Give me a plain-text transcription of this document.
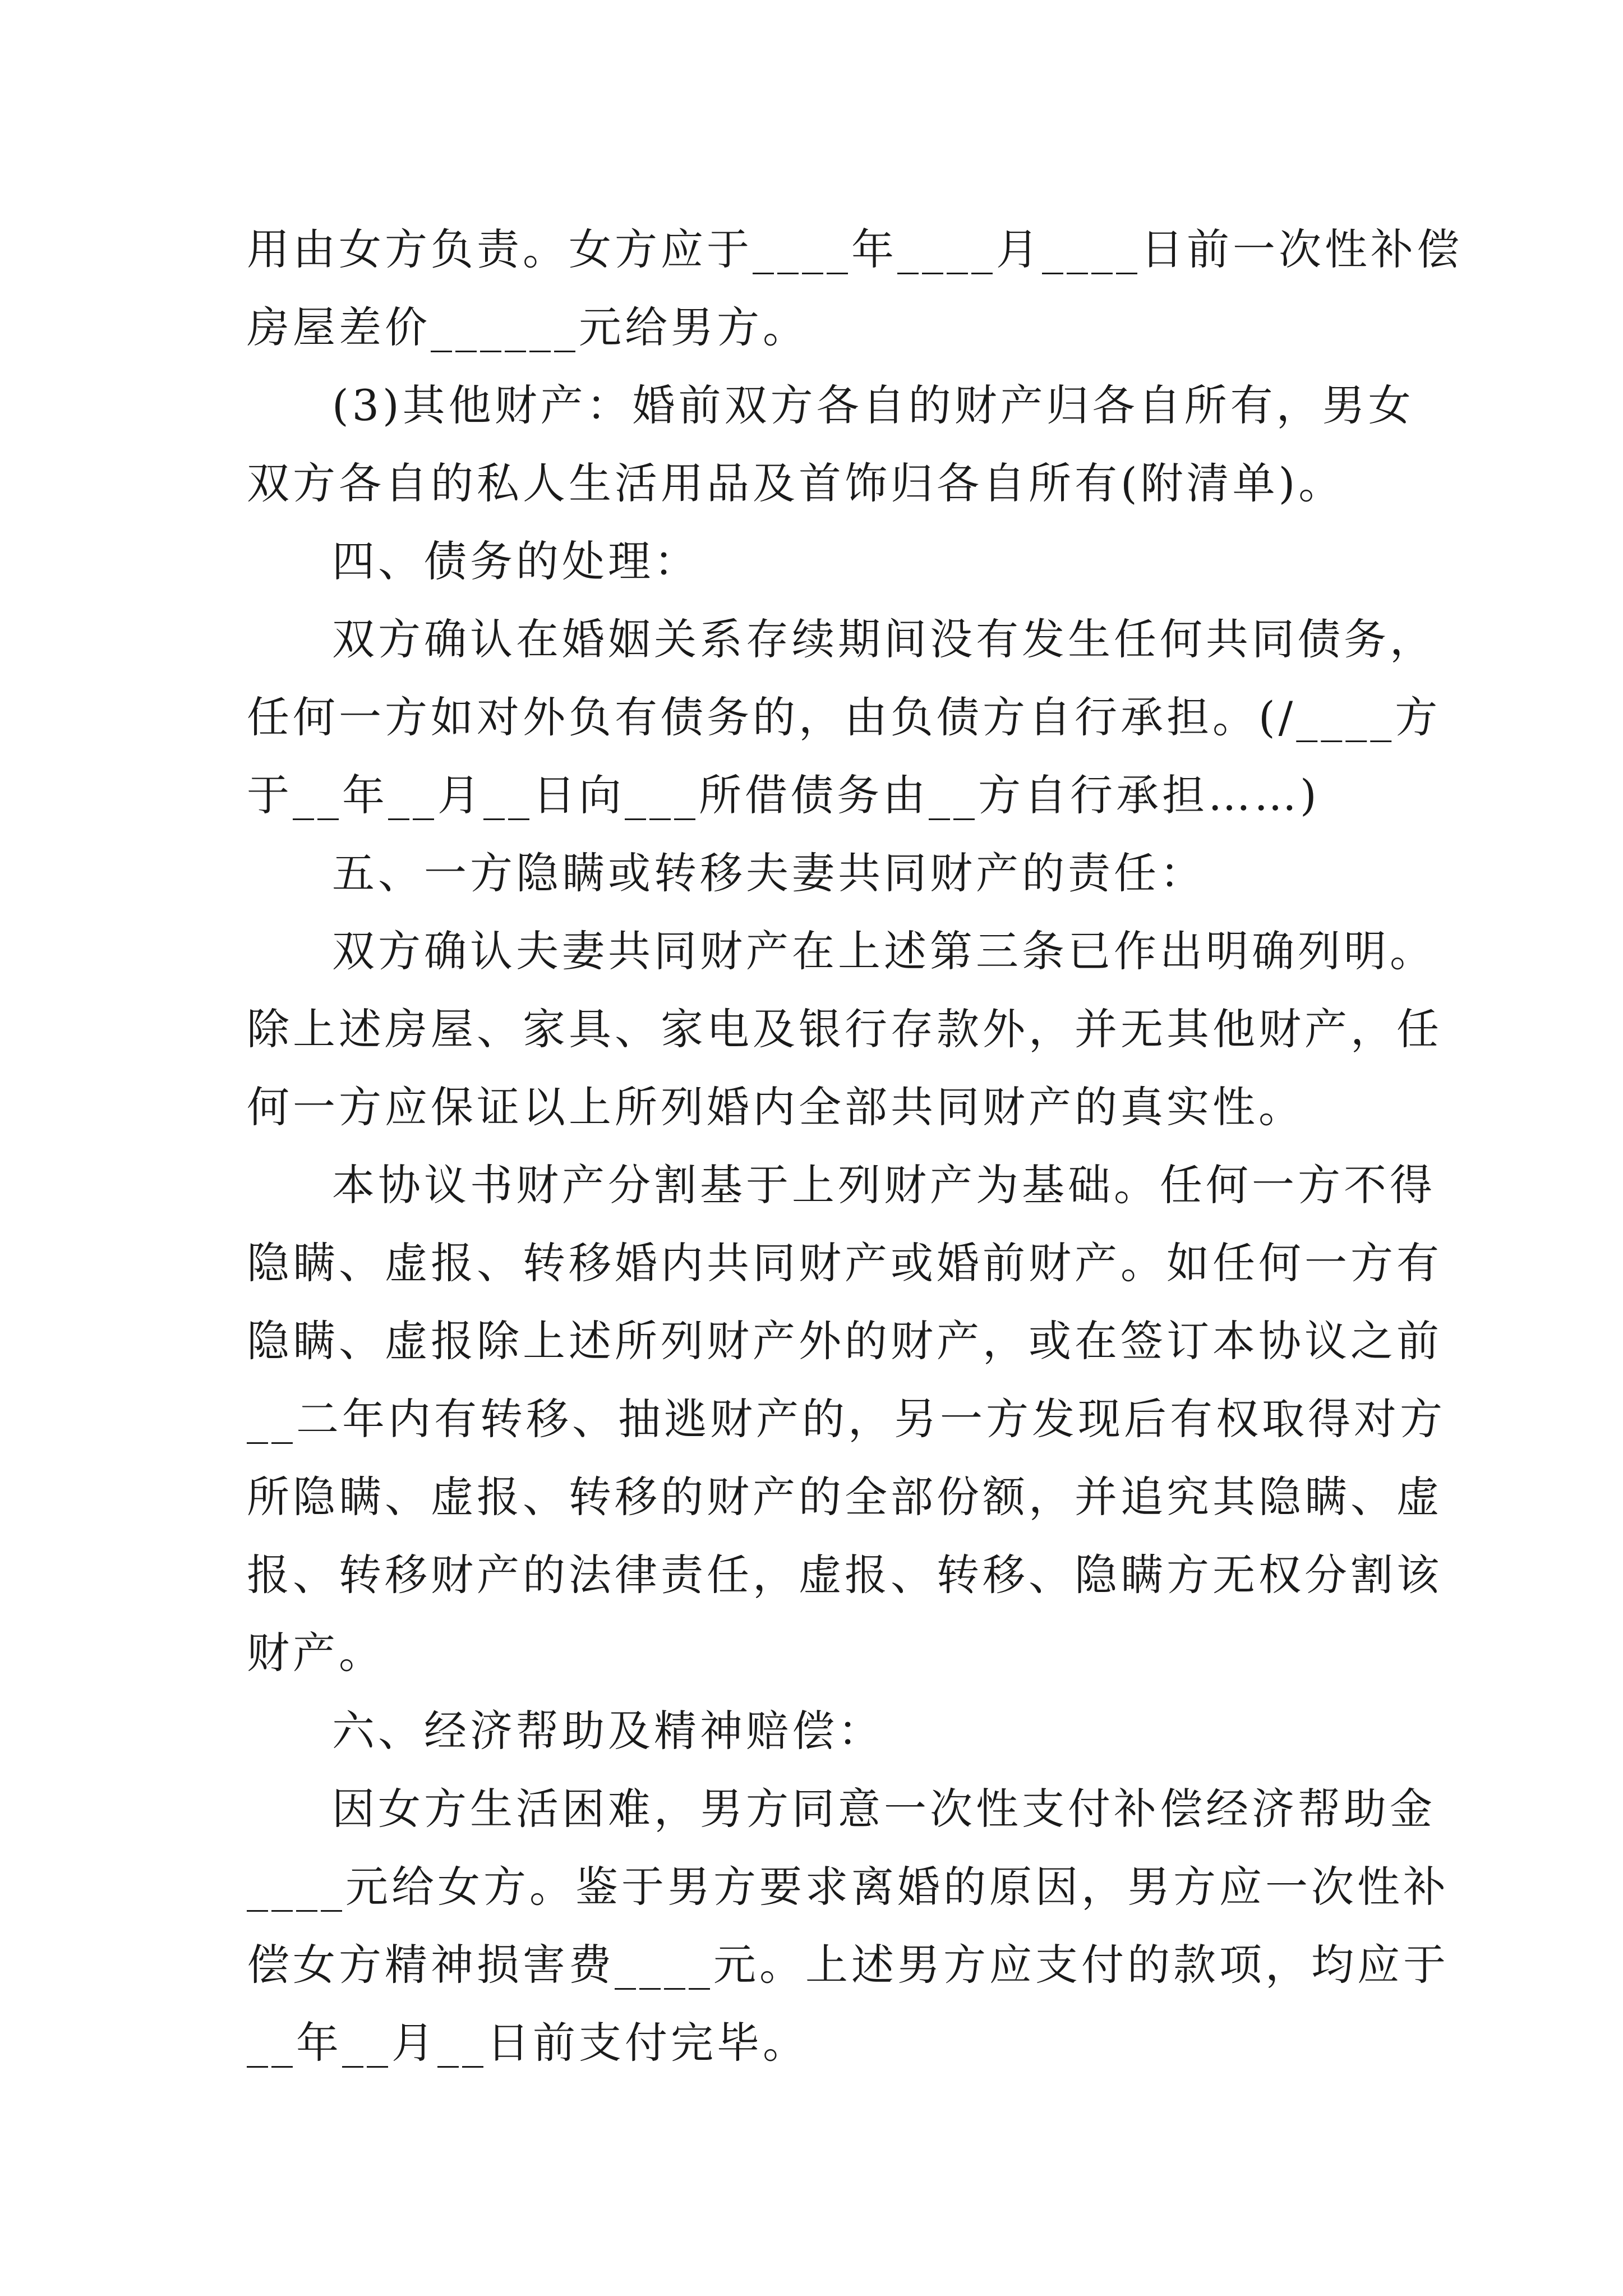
用由女方负责。女方应于____年____月____日前一次性补偿
房屋差价______元给男方。
(3)其他财产：婚前双方各自的财产归各自所有，男女
双方各自的私人生活用品及首饰归各自所有(附清单)。
四、债务的处理：
双方确认在婚姻关系存续期间没有发生任何共同债务，
任何一方如对外负有债务的，由负债方自行承担。(/____方
于__年__月__日向___所借债务由__方自行承担……)
五、一方隐瞒或转移夫妻共同财产的责任：
双方确认夫妻共同财产在上述第三条已作出明确列明。
除上述房屋、家具、家电及银行存款外，并无其他财产，任
何一方应保证以上所列婚内全部共同财产的真实性。
本协议书财产分割基于上列财产为基础。任何一方不得
隐瞒、虚报、转移婚内共同财产或婚前财产。如任何一方有
隐瞒、虚报除上述所列财产外的财产，或在签订本协议之前
__二年内有转移、抽逃财产的，另一方发现后有权取得对方
所隐瞒、虚报、转移的财产的全部份额，并追究其隐瞒、虚
报、转移财产的法律责任，虚报、转移、隐瞒方无权分割该
财产。
六、经济帮助及精神赔偿：
因女方生活困难，男方同意一次性支付补偿经济帮助金
____元给女方。鉴于男方要求离婚的原因，男方应一次性补
偿女方精神损害费____元。上述男方应支付的款项，均应于
__年__月__日前支付完毕。
